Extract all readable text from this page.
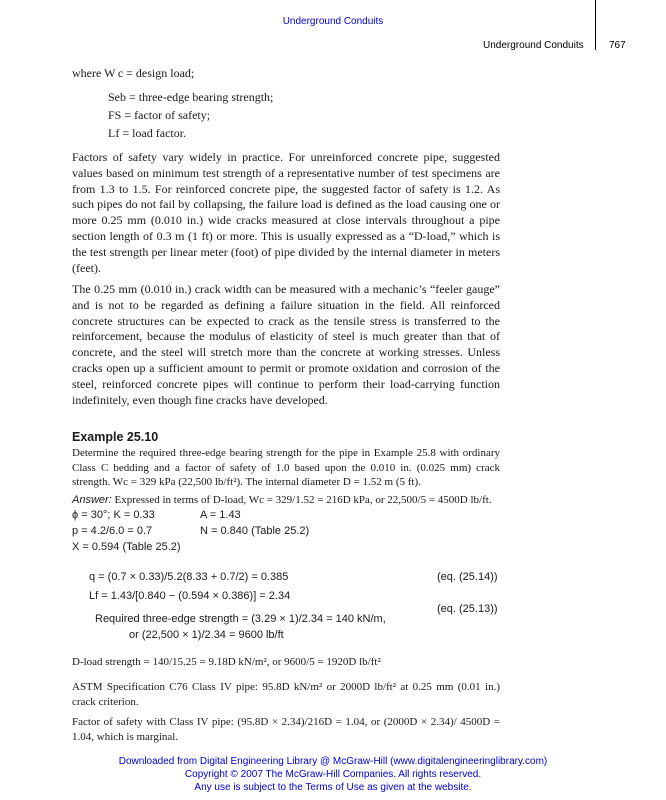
Underground Conduits
Underground Conduits	767
where W c = design load;
Seb = three-edge bearing strength;
FS = factor of safety;
Lf = load factor.
Factors of safety vary widely in practice. For unreinforced concrete pipe, suggested values based on minimum test strength of a representative number of test specimens are from 1.3 to 1.5. For reinforced concrete pipe, the suggested factor of safety is 1.2. As such pipes do not fail by collapsing, the failure load is defined as the load causing one or more 0.25 mm (0.010 in.) wide cracks measured at close intervals throughout a pipe section length of 0.3 m (1 ft) or more. This is usually expressed as a “D-load,” which is the test strength per linear meter (foot) of pipe divided by the internal diameter in meters (feet).
The 0.25 mm (0.010 in.) crack width can be measured with a mechanic’s “feeler gauge” and is not to be regarded as defining a failure situation in the field. All reinforced concrete structures can be expected to crack as the tensile stress is transferred to the reinforcement, because the modulus of elasticity of steel is much greater than that of concrete, and the steel will stretch more than the concrete at working stresses. Unless cracks open up a sufficient amount to permit or promote oxidation and corrosion of the steel, reinforced concrete pipes will continue to perform their load-carrying function indefinitely, even though fine cracks have developed.
Example 25.10
Determine the required three-edge bearing strength for the pipe in Example 25.8 with ordinary Class C bedding and a factor of safety of 1.0 based upon the 0.010 in. (0.025 mm) crack strength. Wc = 329 kPa (22,500 lb/ft²). The internal diameter D = 1.52 m (5 ft).
Answer: Expressed in terms of D-load, Wc = 329/1.52 = 216D kPa, or 22,500/5 = 4500D lb/ft.
ϕ = 30°; K = 0.33	A = 1.43
p = 4.2/6.0 = 0.7	N = 0.840 (Table 25.2)
X = 0.594 (Table 25.2)
q = (0.7 × 0.33)/5.2(8.33 + 0.7/2) = 0.385	(eq. (25.14))
Lf = 1.43/[0.840 − (0.594 × 0.386)] = 2.34
(eq. (25.13))
Required three-edge strength = (3.29 × 1)/2.34 = 140 kN/m,
or (22,500 × 1)/2.34 = 9600 lb/ft
D-load strength = 140/15.25 = 9.18D kN/m², or 9600/5 = 1920D lb/ft²
ASTM Specification C76 Class IV pipe: 95.8D kN/m² or 2000D lb/ft² at 0.25 mm (0.01 in.) crack criterion.
Factor of safety with Class IV pipe: (95.8D × 2.34)/216D = 1.04, or (2000D × 2.34)/ 4500D = 1.04, which is marginal.
Downloaded from Digital Engineering Library @ McGraw-Hill (www.digitalengineeringlibrary.com)
Copyright © 2007 The McGraw-Hill Companies. All rights reserved.
Any use is subject to the Terms of Use as given at the website.
